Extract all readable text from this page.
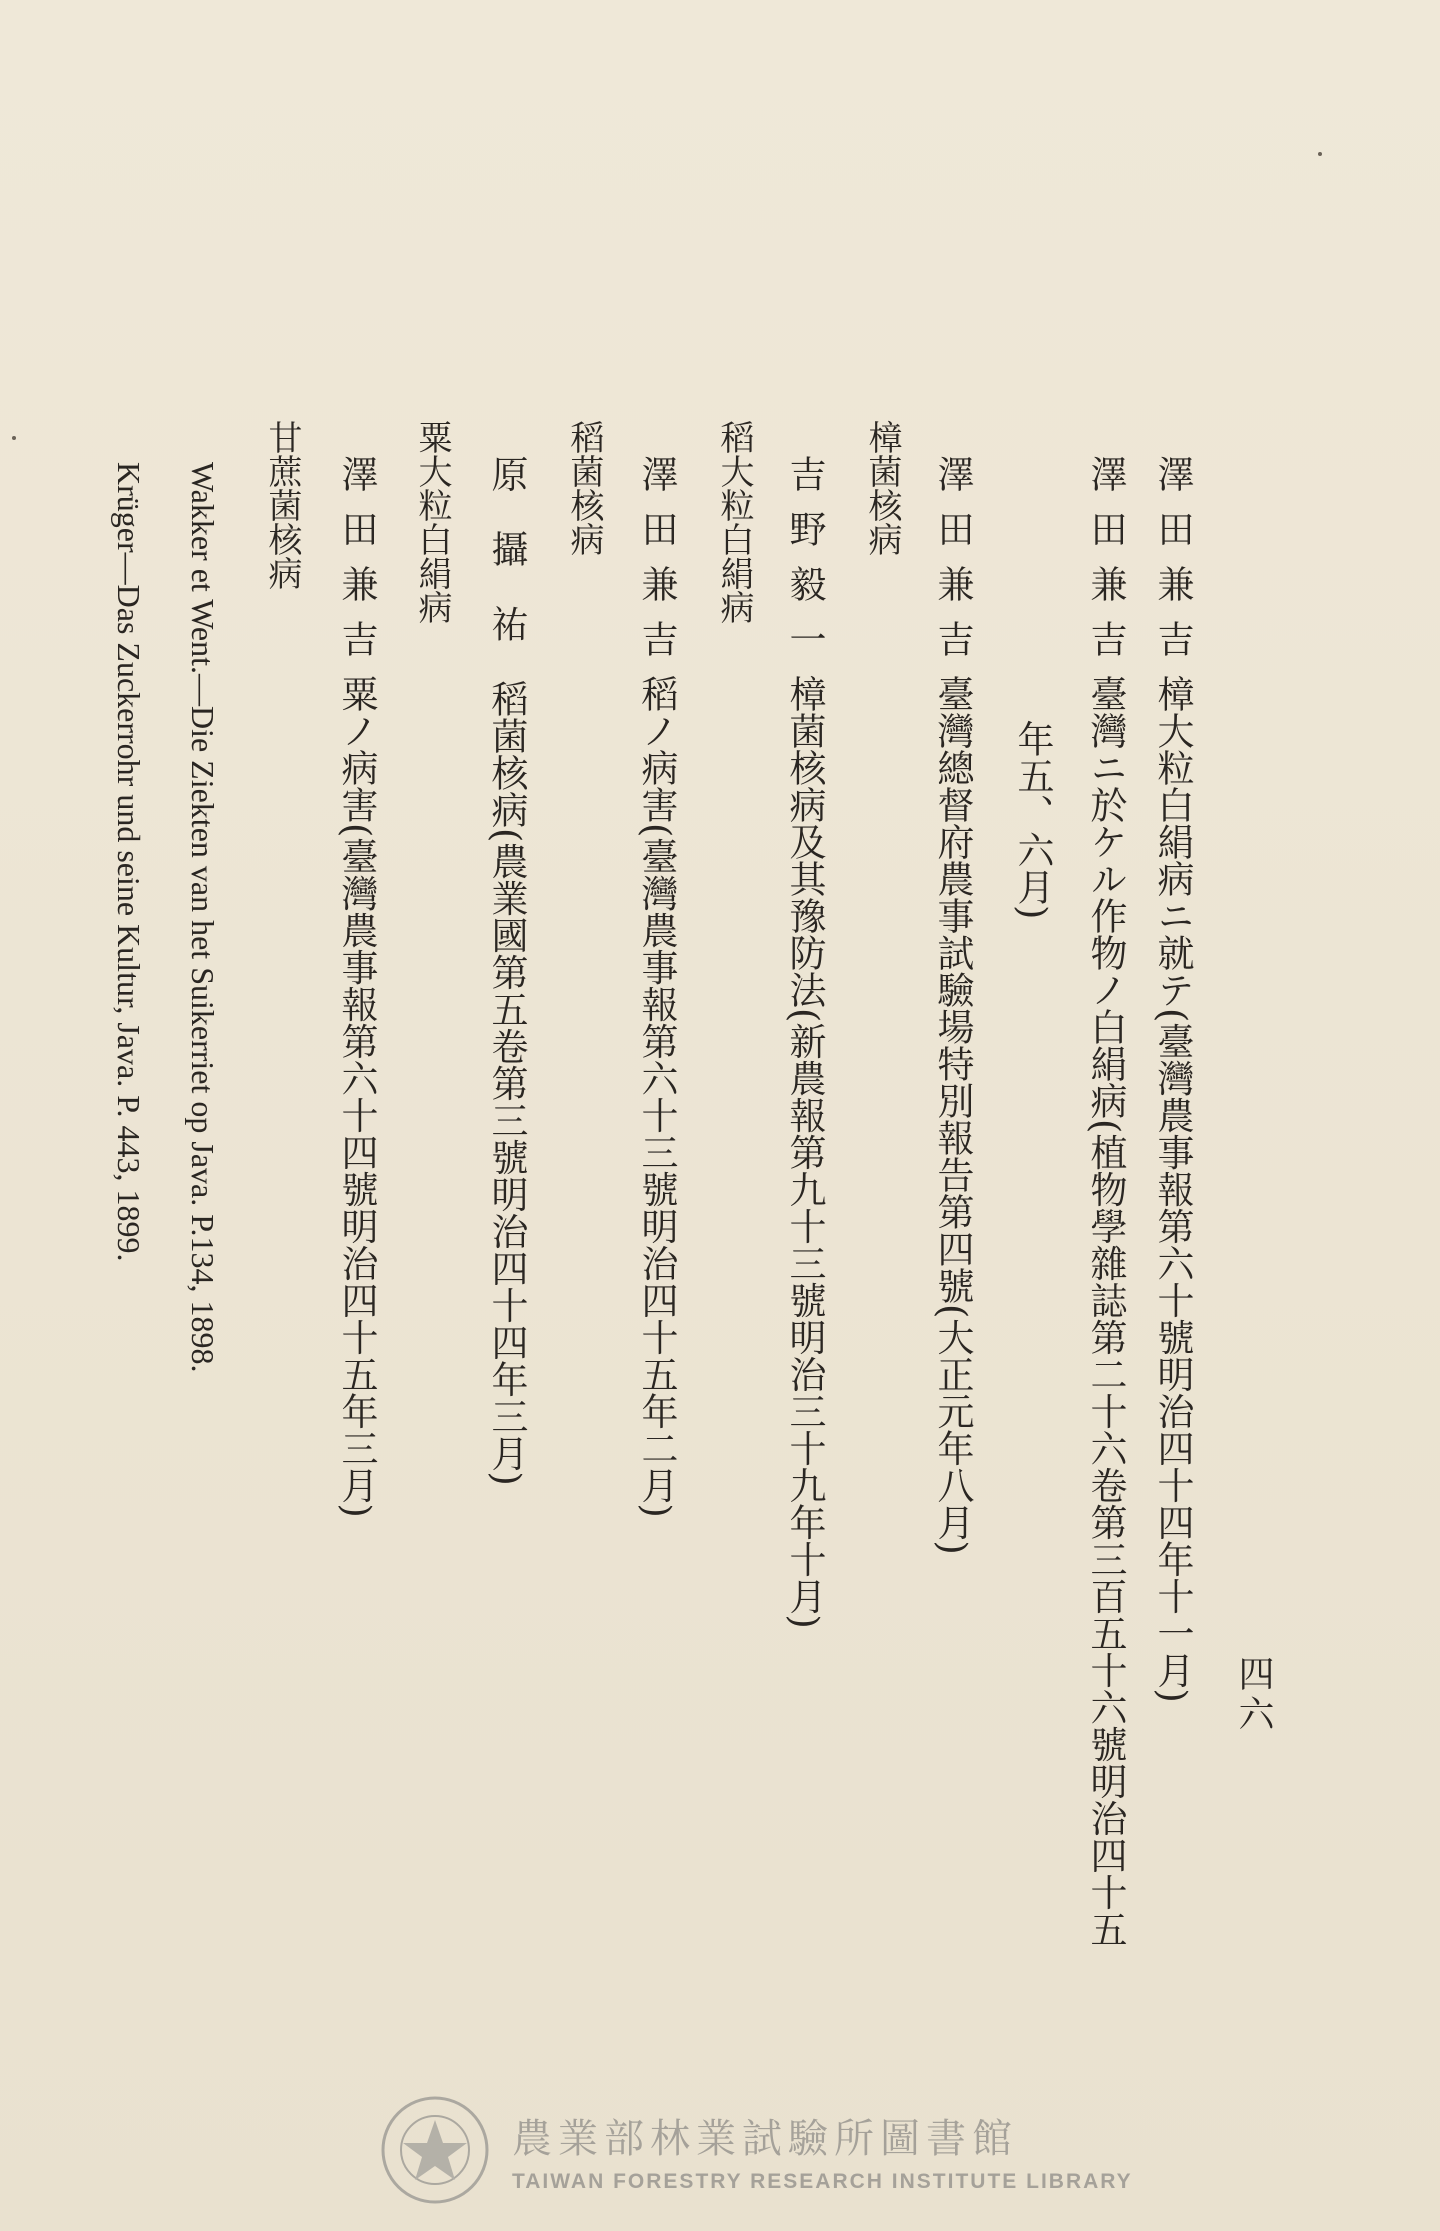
四六
澤田兼吉樟大粒白絹病ニ就テ(臺灣農事報第六十號明治四十四年十一月)
澤田兼吉臺灣ニ於ケル作物ノ白絹病(植物學雜誌第二十六卷第三百五十六號明治四十五
年五、六月)
澤田兼吉臺灣總督府農事試驗場特別報告第四號(大正元年八月)
樟菌核病
吉野毅一樟菌核病及其豫防法(新農報第九十三號明治三十九年十月)
稻大粒白絹病
澤田兼吉稻ノ病害(臺灣農事報第六十三號明治四十五年二月)
稻菌核病
原攝祐稻菌核病(農業國第五卷第三號明治四十四年三月)
粟大粒白絹病
澤田兼吉粟ノ病害(臺灣農事報第六十四號明治四十五年三月)
甘蔗菌核病
Wakker et Went.—Die Ziekten van het Suikerriet op Java. P.134, 1898.
Krüger—Das Zuckerrohr und seine Kultur, Java. P. 443, 1899.
農業部林業試驗所圖書館
TAIWAN FORESTRY RESEARCH INSTITUTE LIBRARY
